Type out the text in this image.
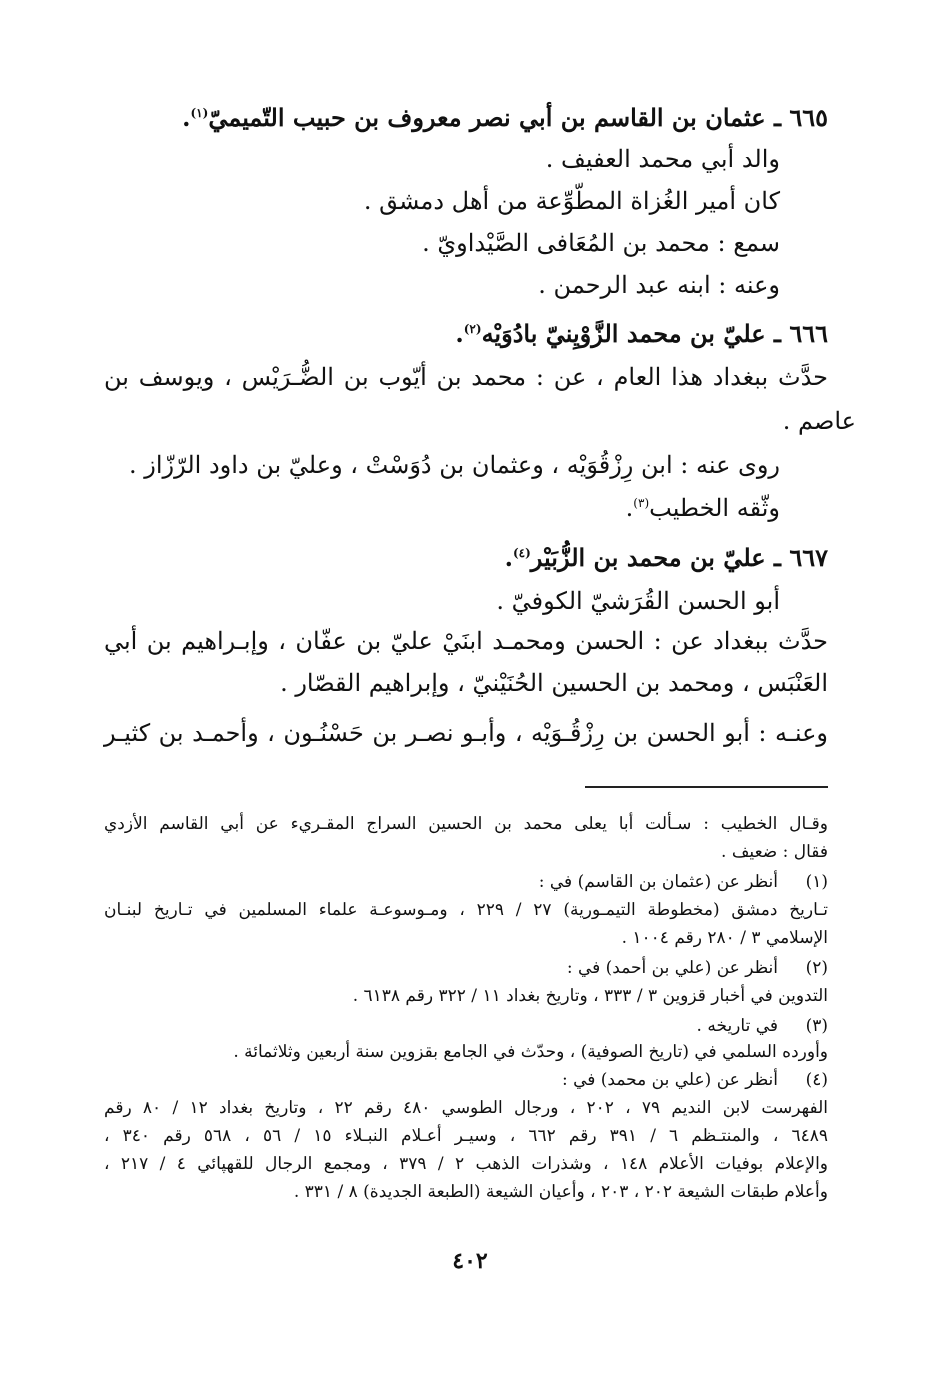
٦٦٥ ـ عثمان بن القاسم بن أبي نصر معروف بن حبيب التّميميّ$^{(١)}$.
والد أبي محمد العفيف .
كان أمير الغُزاة المطّوِّعة من أهل دمشق .
سمع : محمد بن المُعَافى الصَّيْداويّ .
وعنه : ابنه عبد الرحمن .
٦٦٦ ـ عليّ بن محمد الزَّوْيِنيّ بادُوَيْه$^{(٢)}$.
حدَّث ببغداد هذا العام ، عن : محمد بن أيّوب بن الضُّـرَيْس ، ويوسف بن
عاصم .
روى عنه : ابن رِزْقُوَيْه ، وعثمان بن دُوَسْتْ ، وعليّ بن داود الرّزّاز .
وثّقه الخطيب$^{(٣)}$.
٦٦٧ ـ عليّ بن محمد بن الزُّبَيْر$^{(٤)}$.
أبو الحسن القُرَشيّ الكوفيّ .
حدَّث ببغداد عن : الحسن ومحمـد ابنَيْ عليّ بن عفّان ، وإبـراهيم بن أبي
العَنْبَس ، ومحمد بن الحسين الحُنَيْنيّ ، وإبراهيم القصّار .
وعنـه : أبو الحسن بن رِزْقُـوَيْه ، وأبـو نصـر بن حَسْنُـون ، وأحمـد بن كثيـر
وقـال الخطيب : سـألت أبا يعلى محمد بن الحسين السراج المقـريء عن أبي القاسم الأزدي
فقال : ضعيف .
(١)
أنظر عن (عثمان بن القاسم) في :
تـاريخ دمشق (مخطوطة التيمـورية) ٢٧ / ٢٢٩ ، ومـوسوعـة علماء المسلمين في تـاريخ لبنـان
الإسلامي ٣ / ٢٨٠ رقم ١٠٠٤ .
(٢)
أنظر عن (علي بن أحمد) في :
التدوين في أخبار قزوين ٣ / ٣٣٣ ، وتاريخ بغداد ١١ / ٣٢٢ رقم ٦١٣٨ .
(٣)
في تاريخه .
وأورده السلمي في (تاريخ الصوفية) ، وحدّث في الجامع بقزوين سنة أربعين وثلاثمائة .
(٤)
أنظر عن (علي بن محمد) في :
الفهرست لابن النديم ٧٩ ، ٢٠٢ ، ورجال الطوسي ٤٨٠ رقم ٢٢ ، وتاريخ بغداد ١٢ / ٨٠ رقم
٦٤٨٩ ، والمنتـظم ٦ / ٣٩١ رقم ٦٦٢ ، وسيـر أعـلام النبـلاء ١٥ / ٥٦ ، ٥٦٨ رقم ٣٤٠ ،
والإعلام بوفيات الأعلام ١٤٨ ، وشذرات الذهب ٢ / ٣٧٩ ، ومجمع الرجال للقهپائي ٤ / ٢١٧ ،
وأعلام طبقات الشيعة ٢٠٢ ، ٢٠٣ ، وأعيان الشيعة (الطبعة الجديدة) ٨ / ٣٣١ .
٤٠٢
